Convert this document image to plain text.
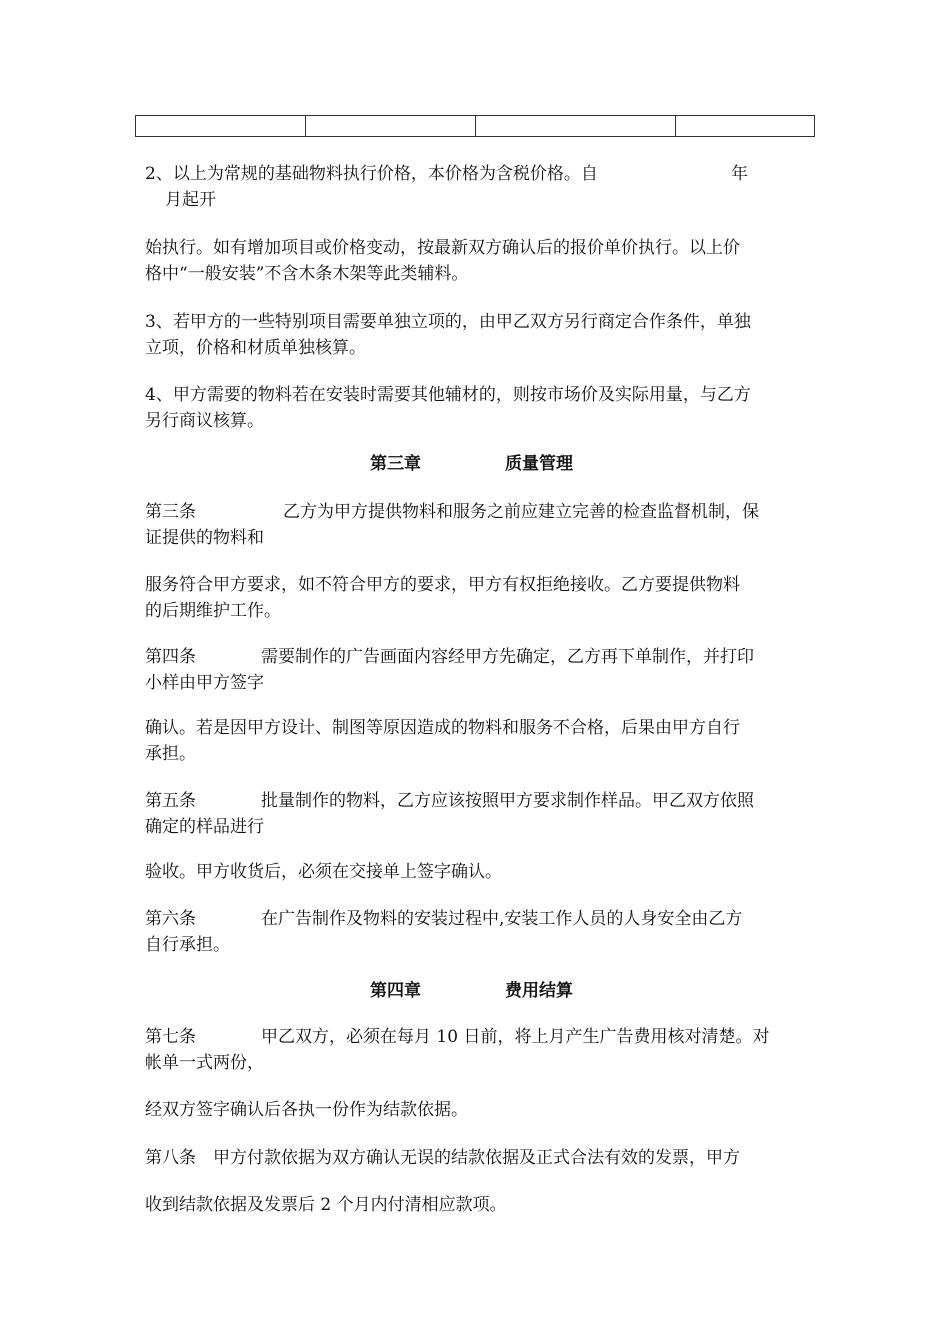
2、以上为常规的基础物料执行价格，本价格为含税价格。自	年
月起开
始执行。如有增加项目或价格变动，按最新双方确认后的报价单价执行。以上价
格中“一般安装”不含木条木架等此类辅料。
3、若甲方的一些特别项目需要单独立项的，由甲乙双方另行商定合作条件，单独
立项，价格和材质单独核算。
4、甲方需要的物料若在安装时需要其他辅材的，则按市场价及实际用量，与乙方
另行商议核算。
第三章	质量管理
第三条	乙方为甲方提供物料和服务之前应建立完善的检查监督机制，保
证提供的物料和
服务符合甲方要求，如不符合甲方的要求，甲方有权拒绝接收。乙方要提供物料
的后期维护工作。
第四条	需要制作的广告画面内容经甲方先确定，乙方再下单制作，并打印
小样由甲方签字
确认。若是因甲方设计、制图等原因造成的物料和服务不合格，后果由甲方自行
承担。
第五条	批量制作的物料，乙方应该按照甲方要求制作样品。甲乙双方依照
确定的样品进行
验收。甲方收货后，必须在交接单上签字确认。
第六条	在广告制作及物料的安装过程中,安装工作人员的人身安全由乙方
自行承担。
第四章	费用结算
第七条	甲乙双方，必须在每月 10 日前，将上月产生广告费用核对清楚。对
帐单一式两份，
经双方签字确认后各执一份作为结款依据。
第八条　甲方付款依据为双方确认无误的结款依据及正式合法有效的发票，甲方
收到结款依据及发票后 2 个月内付清相应款项。
